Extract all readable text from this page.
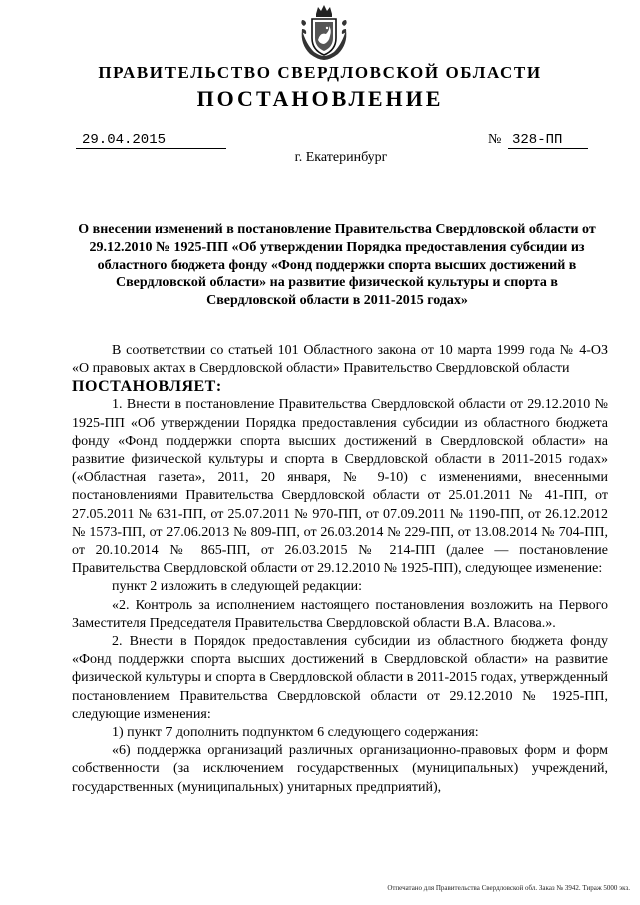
ПРАВИТЕЛЬСТВО СВЕРДЛОВСКОЙ ОБЛАСТИ
ПОСТАНОВЛЕНИЕ
29.04.2015	№ 328-ПП
г. Екатеринбург
О внесении изменений в постановление Правительства Свердловской области от 29.12.2010 № 1925-ПП «Об утверждении Порядка предоставления субсидии из областного бюджета фонду «Фонд поддержки спорта высших достижений в Свердловской области» на развитие физической культуры и спорта в Свердловской области в 2011-2015 годах»

В соответствии со статьей 101 Областного закона от 10 марта 1999 года № 4-ОЗ «О правовых актах в Свердловской области» Правительство Свердловской области

ПОСТАНОВЛЯЕТ:

1. Внести в постановление Правительства Свердловской области от 29.12.2010 № 1925-ПП «Об утверждении Порядка предоставления субсидии из областного бюджета фонду «Фонд поддержки спорта высших достижений в Свердловской области» на развитие физической культуры и спорта в Свердловской области в 2011-2015 годах» («Областная газета», 2011, 20 января, № 9-10) с изменениями, внесенными постановлениями Правительства Свердловской области от 25.01.2011 № 41-ПП, от 27.05.2011 № 631-ПП, от 25.07.2011 № 970-ПП, от 07.09.2011 № 1190-ПП, от 26.12.2012 № 1573-ПП, от 27.06.2013 № 809-ПП, от 26.03.2014 № 229-ПП, от 13.08.2014 № 704-ПП, от 20.10.2014 № 865-ПП, от 26.03.2015 № 214-ПП (далее — постановление Правительства Свердловской области от 29.12.2010 № 1925-ПП), следующее изменение:

пункт 2 изложить в следующей редакции:

«2. Контроль за исполнением настоящего постановления возложить на Первого Заместителя Председателя Правительства Свердловской области В.А. Власова.».

2. Внести в Порядок предоставления субсидии из областного бюджета фонду «Фонд поддержки спорта высших достижений в Свердловской области» на развитие физической культуры и спорта в Свердловской области в 2011-2015 годах, утвержденный постановлением Правительства Свердловской области от 29.12.2010 № 1925-ПП, следующие изменения:

1) пункт 7 дополнить подпунктом 6 следующего содержания:

«6) поддержка организаций различных организационно-правовых форм и форм собственности (за исключением государственных (муниципальных) учреждений, государственных (муниципальных) унитарных предприятий),

Отпечатано для Правительства Свердловской обл. Заказ № 3942. Тираж 5000 экз.
